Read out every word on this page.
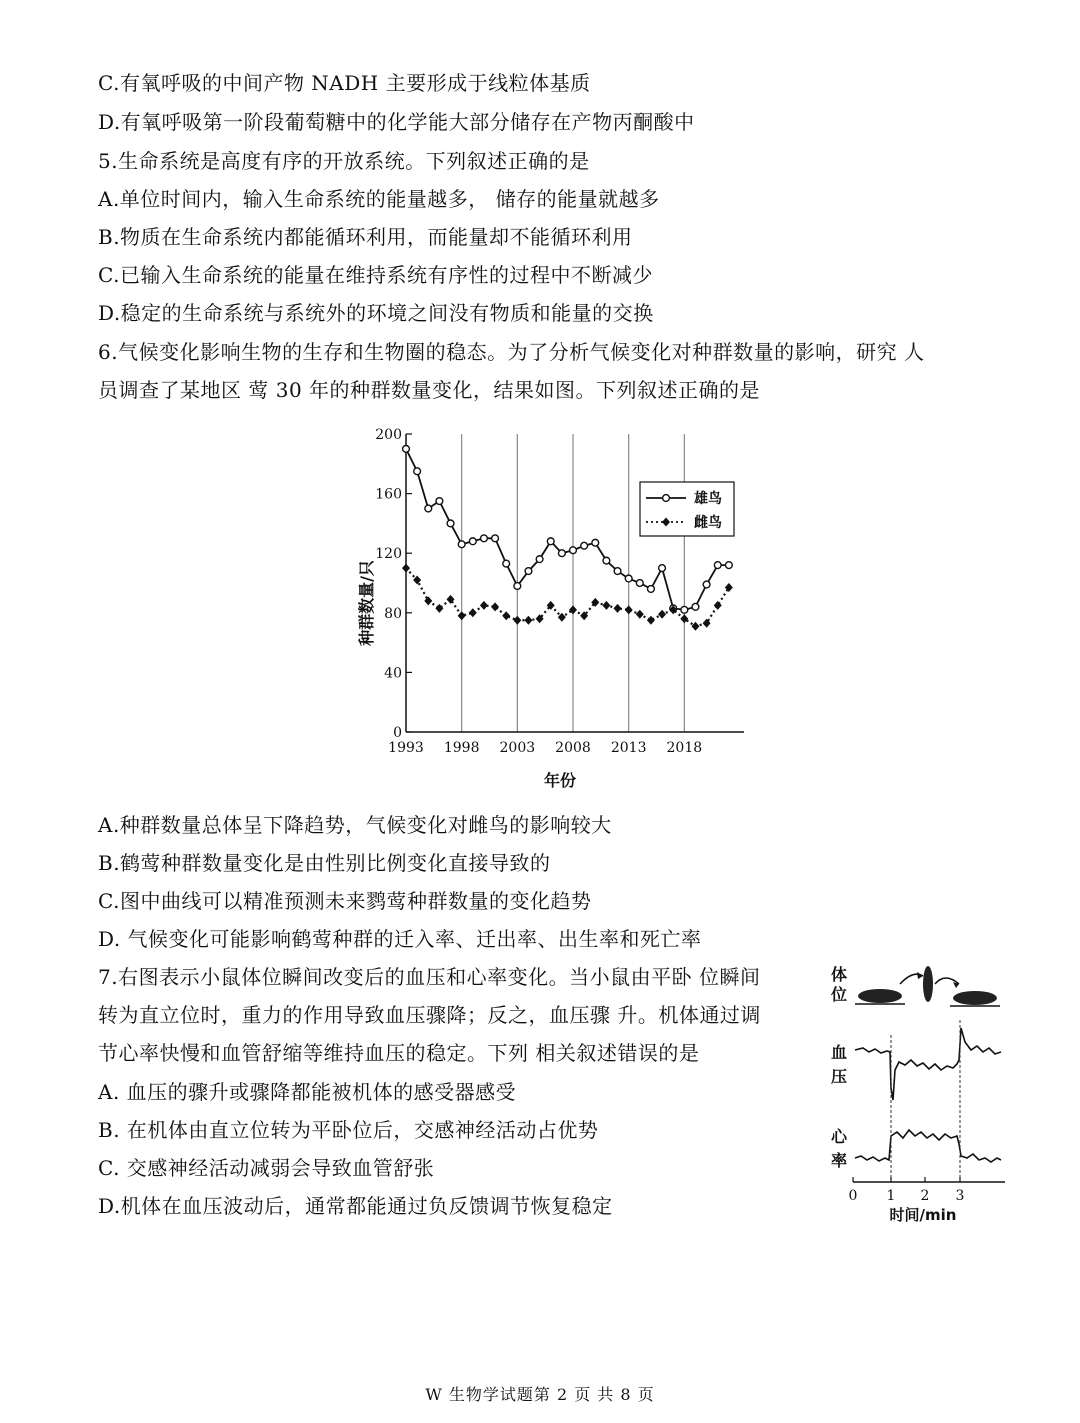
C.有氧呼吸的中间产物 NADH 主要形成于线粒体基质
D.有氧呼吸第一阶段葡萄糖中的化学能大部分储存在产物丙酮酸中
5.生命系统是高度有序的开放系统。下列叙述正确的是
A.单位时间内，输入生命系统的能量越多， 储存的能量就越多
B.物质在生命系统内都能循环利用，而能量却不能循环利用
C.已输入生命系统的能量在维持系统有序性的过程中不断减少
D.稳定的生命系统与系统外的环境之间没有物质和能量的交换
6.气候变化影响生物的生存和生物圈的稳态。为了分析气候变化对种群数量的影响，研究 人
员调查了某地区 莺 30 年的种群数量变化，结果如图。下列叙述正确的是
0
40
80
120
160
200
1993 1998 2003 2008 2013 2018
雄鸟
雌鸟
种群数量/只
年份
A.种群数量总体呈下降趋势，气候变化对雌鸟的影响较大
B.鹤莺种群数量变化是由性别比例变化直接导致的
C.图中曲线可以精准预测未来鹨莺种群数量的变化趋势
D. 气候变化可能影响鹤莺种群的迁入率、迁出率、出生率和死亡率
7.右图表示小鼠体位瞬间改变后的血压和心率变化。当小鼠由平卧 位瞬间
转为直立位时，重力的作用导致血压骤降；反之，血压骤 升。机体通过调
节心率快慢和血管舒缩等维持血压的稳定。下列 相关叙述错误的是
A. 血压的骤升或骤降都能被机体的感受器感受
B. 在机体由直立位转为平卧位后，交感神经活动占优势
C. 交感神经活动减弱会导致血管舒张
D.机体在血压波动后，通常都能通过负反馈调节恢复稳定
体
位
血
压
心
率
0 1 2 3
时间/min
W 生物学试题第 2 页 共 8 页
